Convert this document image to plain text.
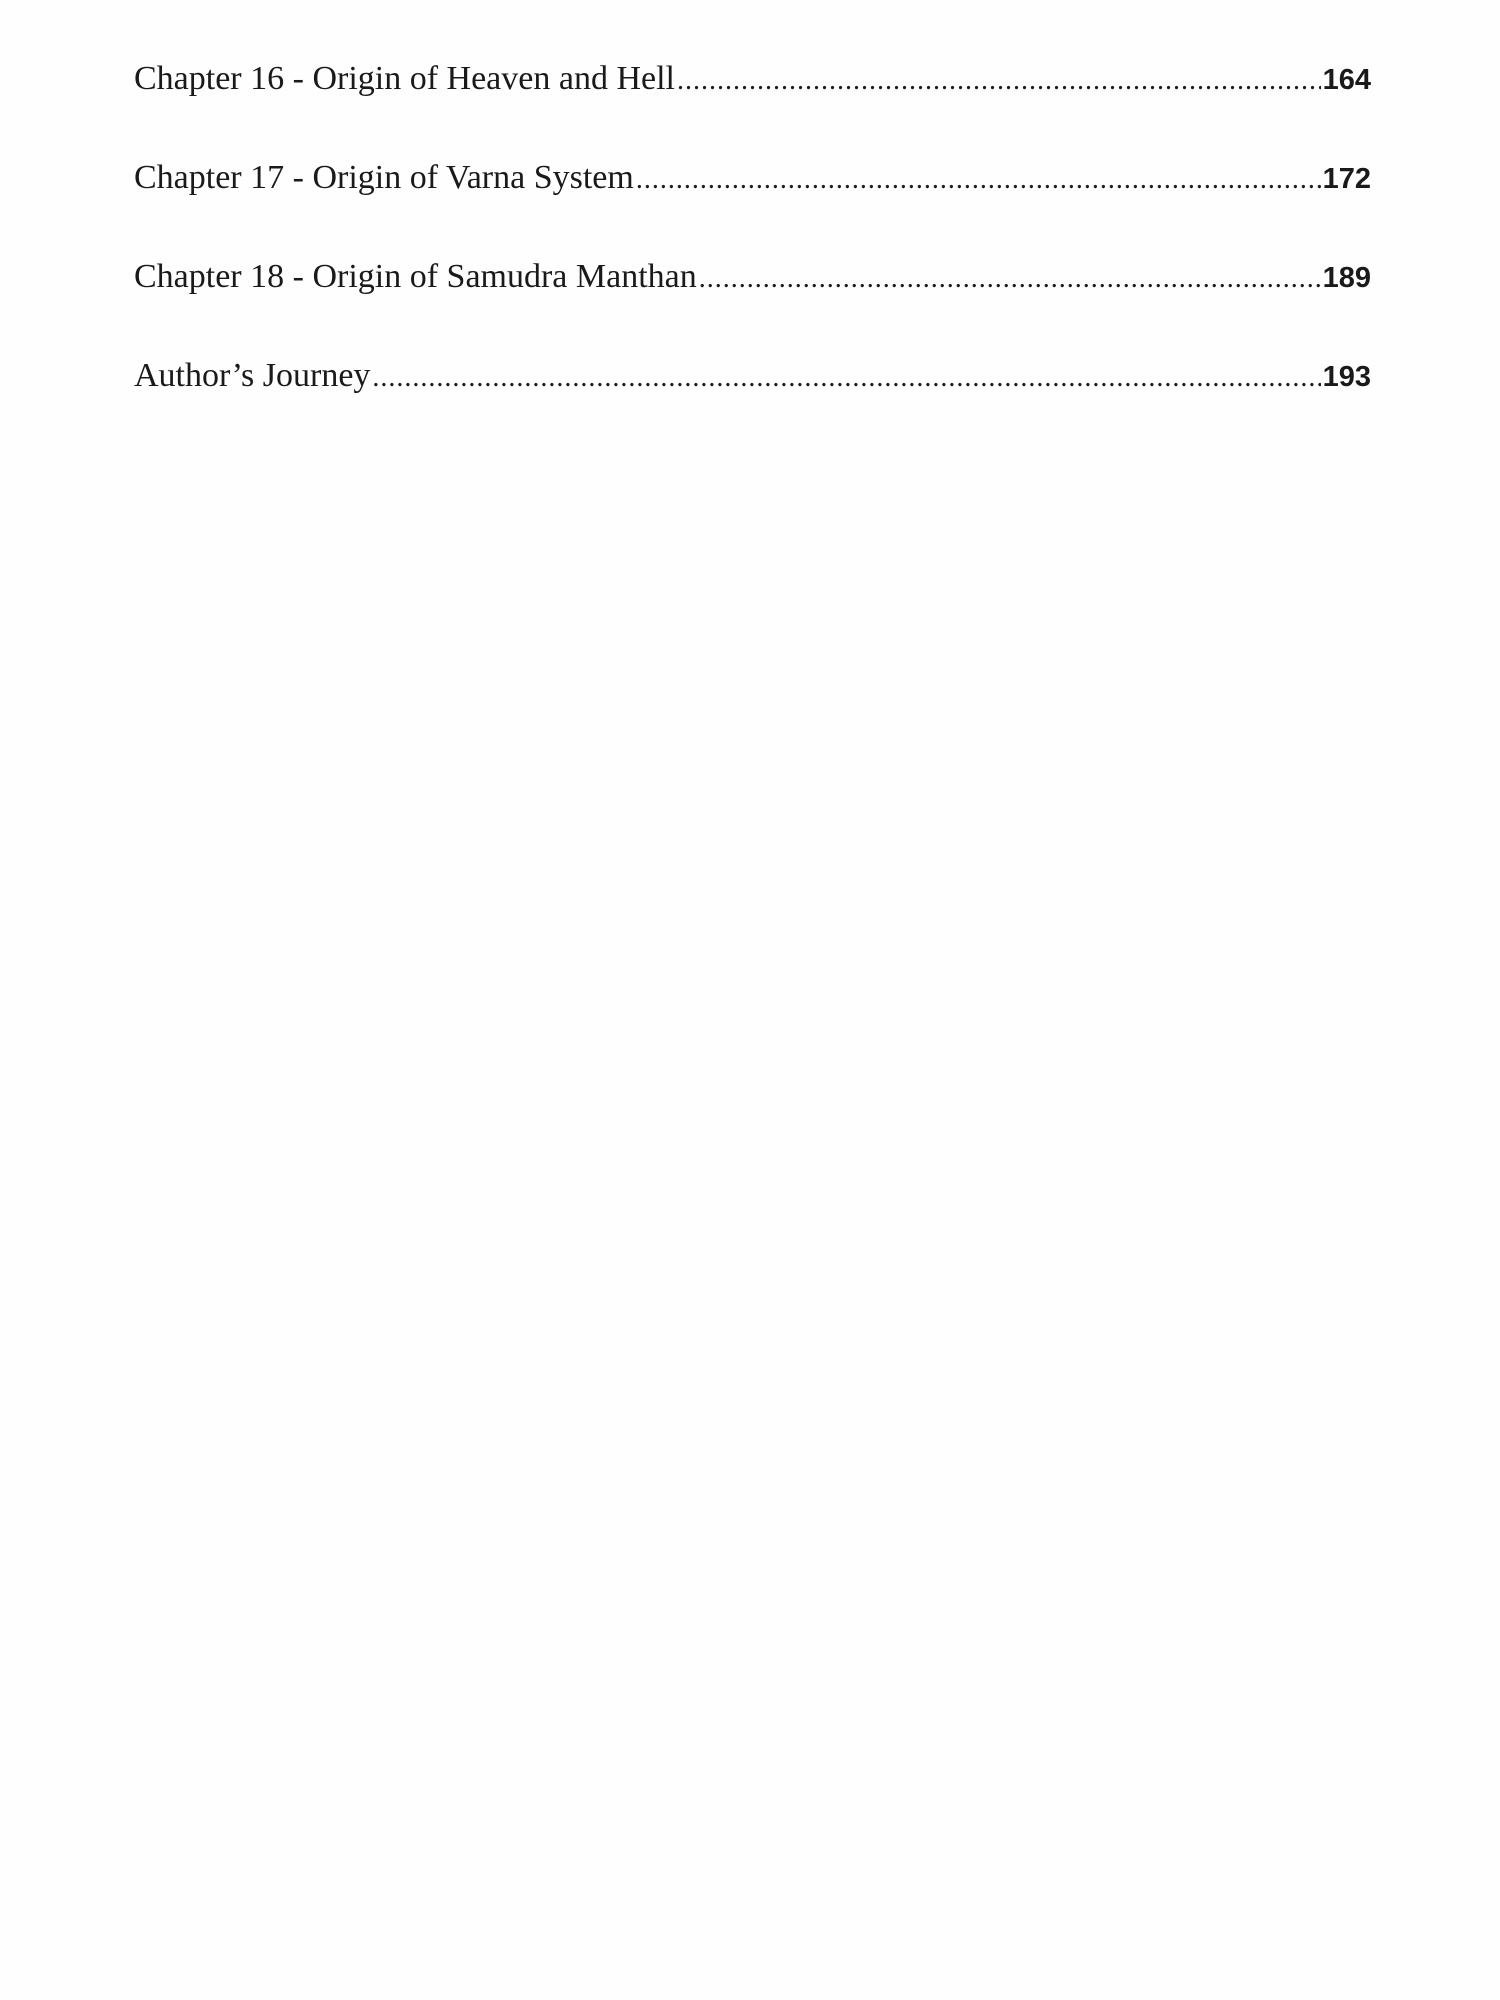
Chapter 16 - Origin of Heaven and Hell .....	164
Chapter 17 - Origin of Varna System .....	172
Chapter 18 - Origin of Samudra Manthan .....	189
Author’s Journey .....	193
